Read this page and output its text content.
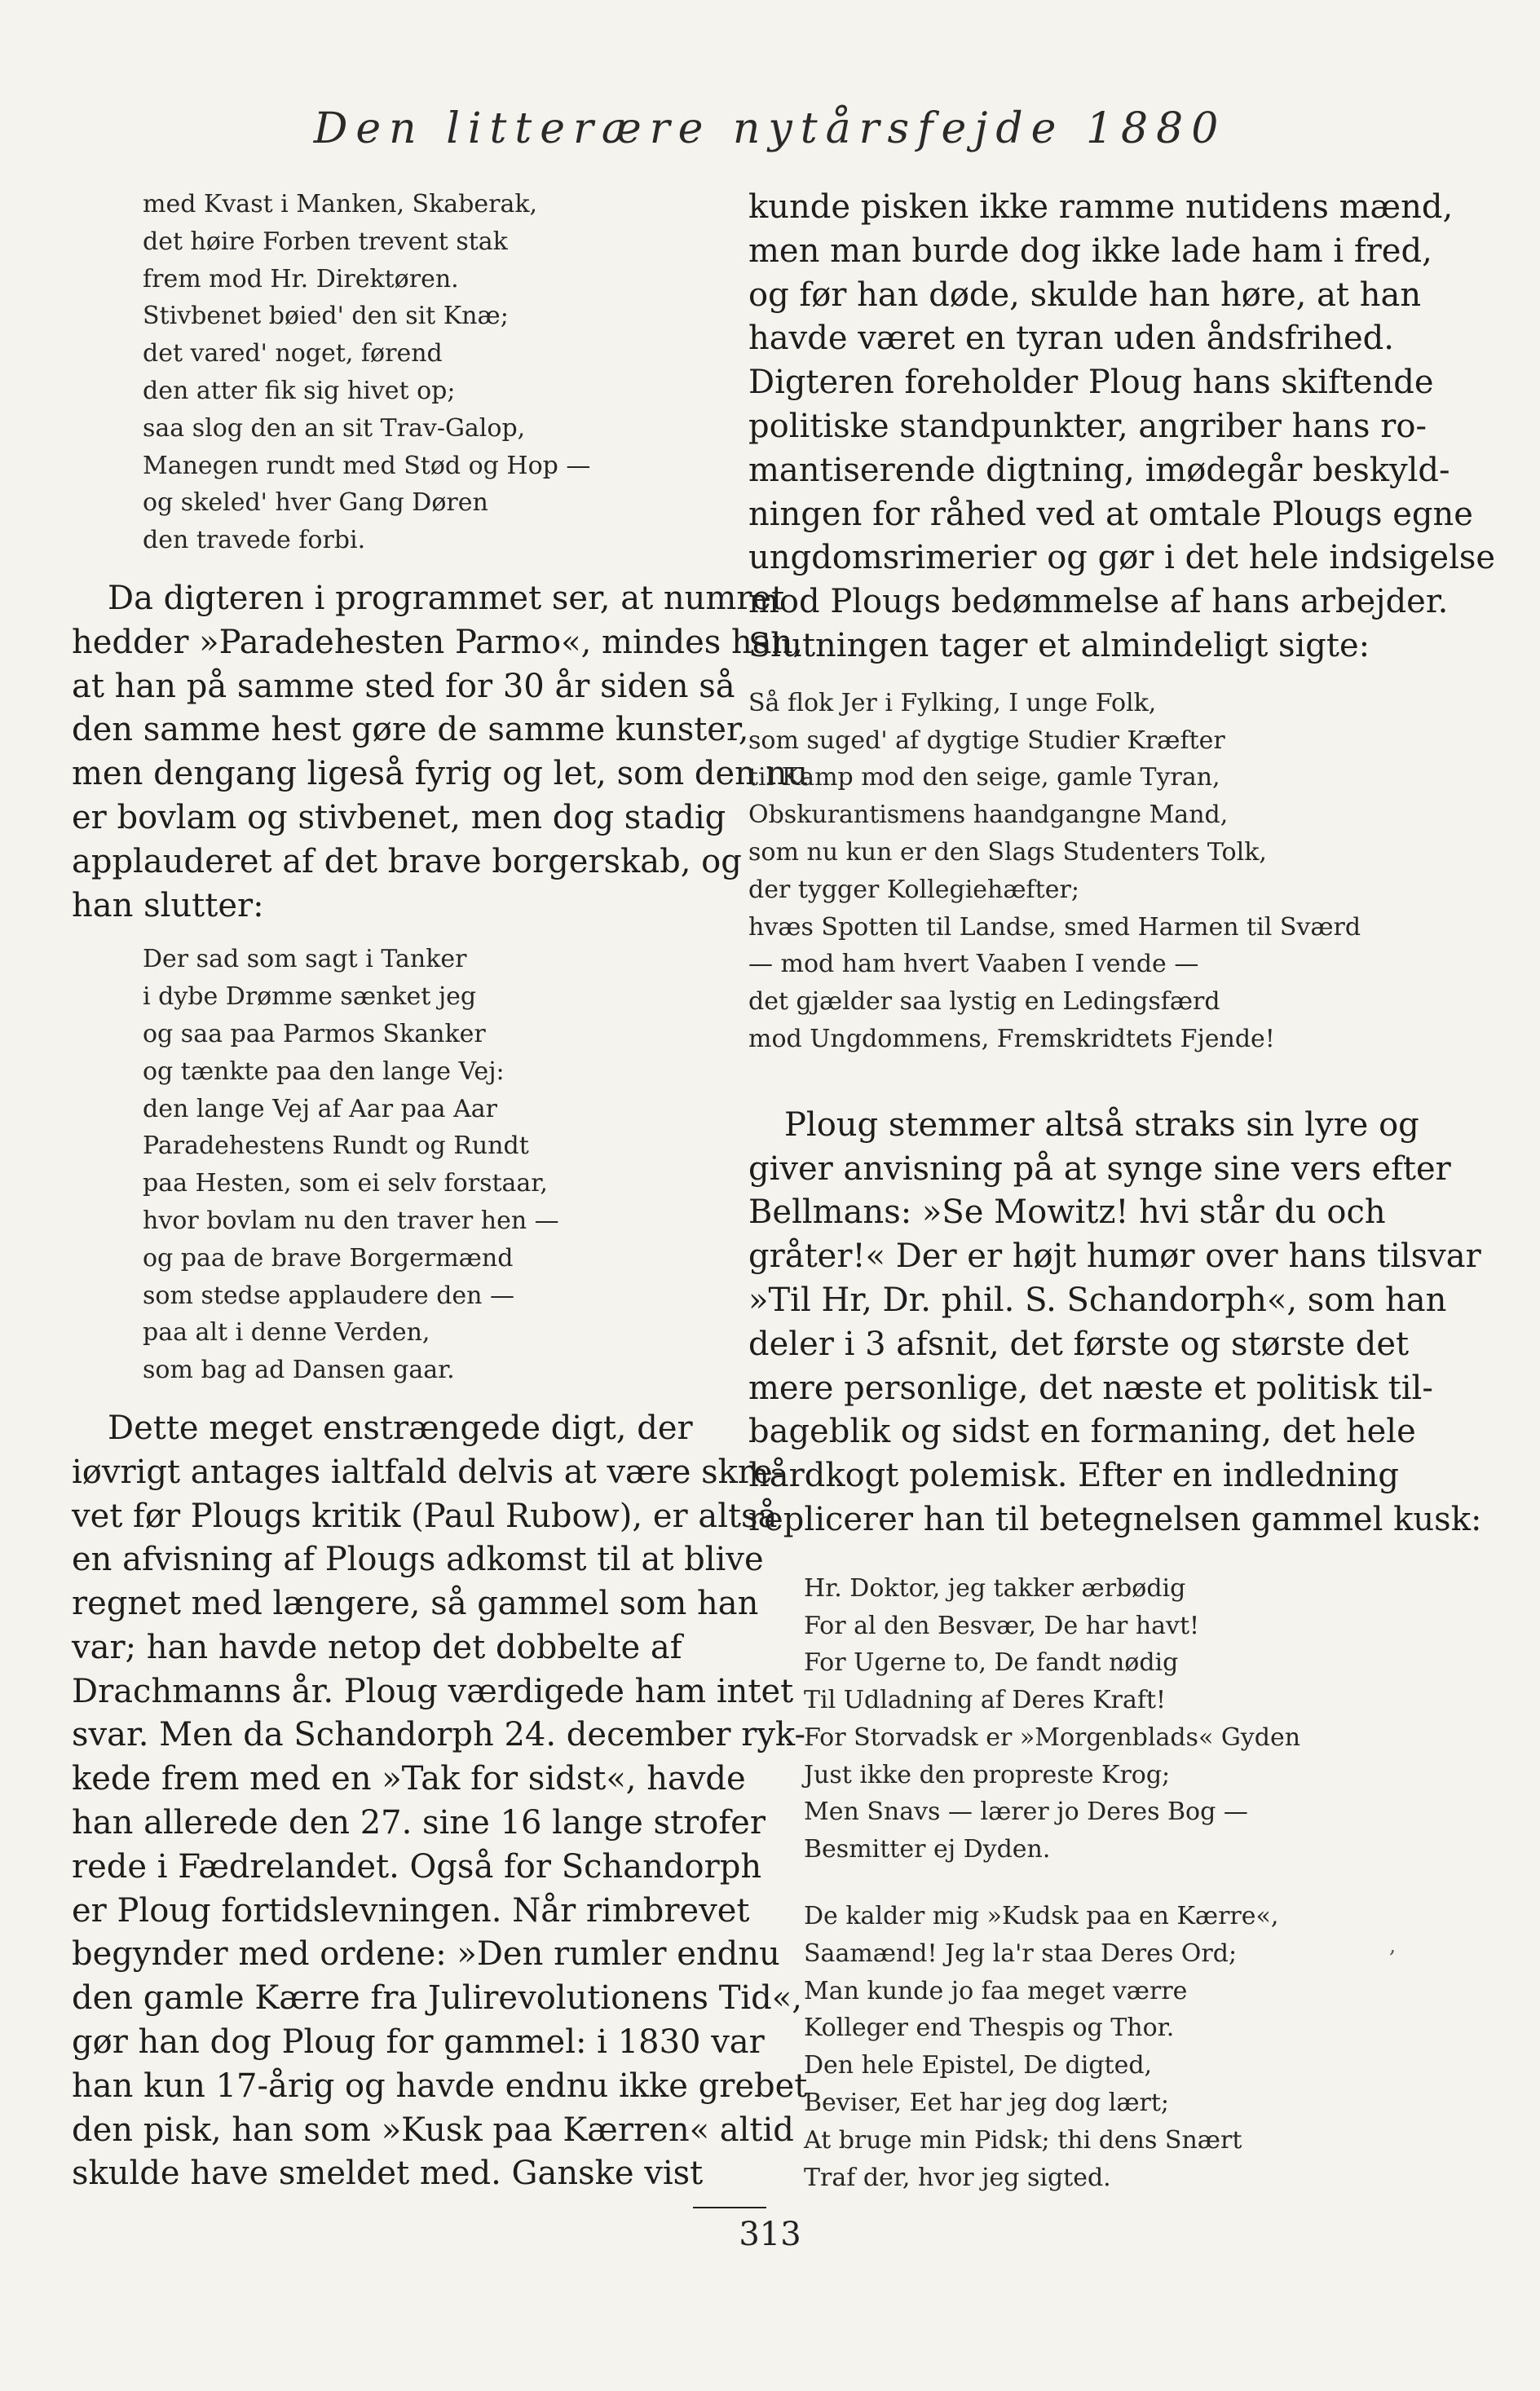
Den litterære nytårsfejde 1880
med Kvast i Manken, Skaberak,
det høire Forben trevent stak
frem mod Hr. Direktøren.
Stivbenet bøied' den sit Knæ;
det vared' noget, førend
den atter fik sig hivet op;
saa slog den an sit Trav-Galop,
Manegen rundt med Stød og Hop —
og skeled' hver Gang Døren
den travede forbi.
Da digteren i programmet ser, at numret
hedder »Paradehesten Parmo«, mindes han,
at han på samme sted for 30 år siden så
den samme hest gøre de samme kunster,
men dengang ligeså fyrig og let, som den nu
er bovlam og stivbenet, men dog stadig
applauderet af det brave borgerskab, og
han slutter:
Der sad som sagt i Tanker
i dybe Drømme sænket jeg
og saa paa Parmos Skanker
og tænkte paa den lange Vej:
den lange Vej af Aar paa Aar
Paradehestens Rundt og Rundt
paa Hesten, som ei selv forstaar,
hvor bovlam nu den traver hen —
og paa de brave Borgermænd
som stedse applaudere den —
paa alt i denne Verden,
som bag ad Dansen gaar.
Dette meget enstrængede digt, der
iøvrigt antages ialtfald delvis at være skre-
vet før Plougs kritik (Paul Rubow), er altså
en afvisning af Plougs adkomst til at blive
regnet med længere, så gammel som han
var; han havde netop det dobbelte af
Drachmanns år. Ploug værdigede ham intet
svar. Men da Schandorph 24. december ryk-
kede frem med en »Tak for sidst«, havde
han allerede den 27. sine 16 lange strofer
rede i Fædrelandet. Også for Schandorph
er Ploug fortidslevningen. Når rimbrevet
begynder med ordene: »Den rumler endnu
den gamle Kærre fra Julirevolutionens Tid«,
gør han dog Ploug for gammel: i 1830 var
han kun 17-årig og havde endnu ikke grebet
den pisk, han som »Kusk paa Kærren« altid
skulde have smeldet med. Ganske vist
kunde pisken ikke ramme nutidens mænd,
men man burde dog ikke lade ham i fred,
og før han døde, skulde han høre, at han
havde været en tyran uden åndsfrihed.
Digteren foreholder Ploug hans skiftende
politiske standpunkter, angriber hans ro-
mantiserende digtning, imødegår beskyld-
ningen for råhed ved at omtale Plougs egne
ungdomsrimerier og gør i det hele indsigelse
mod Plougs bedømmelse af hans arbejder.
Slutningen tager et almindeligt sigte:
Så flok Jer i Fylking, I unge Folk,
som suged' af dygtige Studier Kræfter
til Kamp mod den seige, gamle Tyran,
Obskurantismens haandgangne Mand,
som nu kun er den Slags Studenters Tolk,
der tygger Kollegiehæfter;
hvæs Spotten til Landse, smed Harmen til Sværd
— mod ham hvert Vaaben I vende —
det gjælder saa lystig en Ledingsfærd
mod Ungdommens, Fremskridtets Fjende!
Ploug stemmer altså straks sin lyre og
giver anvisning på at synge sine vers efter
Bellmans: »Se Mowitz! hvi står du och
gråter!« Der er højt humør over hans tilsvar
»Til Hr, Dr. phil. S. Schandorph«, som han
deler i 3 afsnit, det første og største det
mere personlige, det næste et politisk til-
bageblik og sidst en formaning, det hele
hårdkogt polemisk. Efter en indledning
replicerer han til betegnelsen gammel kusk:
Hr. Doktor, jeg takker ærbødig
For al den Besvær, De har havt!
For Ugerne to, De fandt nødig
Til Udladning af Deres Kraft!
For Storvadsk er »Morgenblads« Gyden
Just ikke den propreste Krog;
Men Snavs — lærer jo Deres Bog —
Besmitter ej Dyden.
De kalder mig »Kudsk paa en Kærre«,
Saamænd! Jeg la'r staa Deres Ord;
Man kunde jo faa meget værre
Kolleger end Thespis og Thor.
Den hele Epistel, De digted,
Beviser, Eet har jeg dog lært;
At bruge min Pidsk; thi dens Snært
Traf der, hvor jeg sigted.
,
313
